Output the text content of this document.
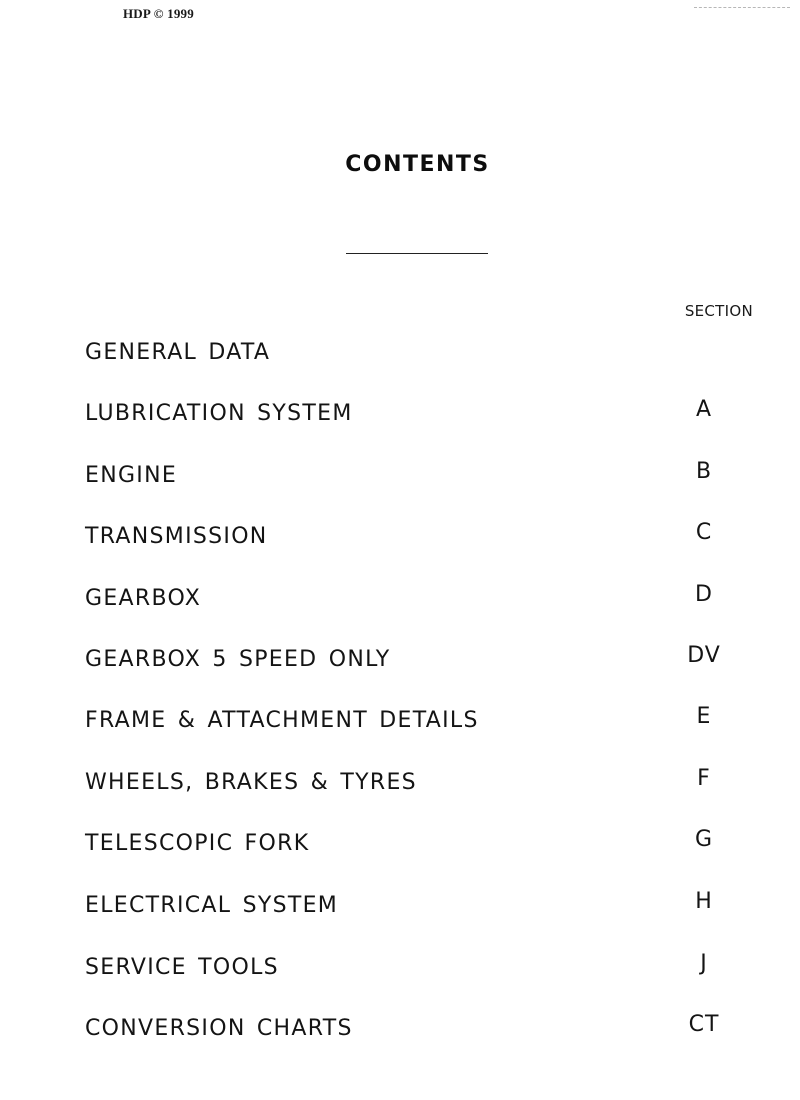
HDP © 1999
CONTENTS
SECTION
GENERAL DATA
LUBRICATION SYSTEM	A
ENGINE	B
TRANSMISSION	C
GEARBOX	D
GEARBOX 5 SPEED ONLY	DV
FRAME & ATTACHMENT DETAILS	E
WHEELS, BRAKES & TYRES	F
TELESCOPIC FORK	G
ELECTRICAL SYSTEM	H
SERVICE TOOLS	J
CONVERSION CHARTS	CT
